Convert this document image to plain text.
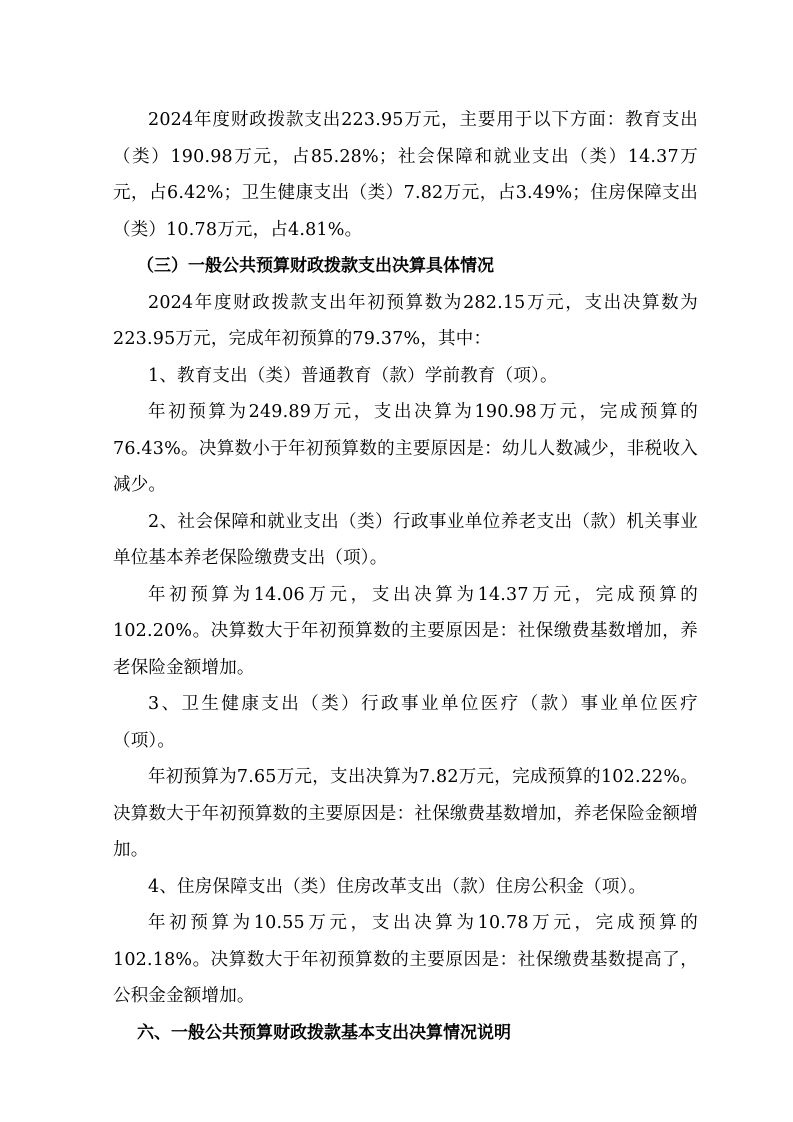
2024年度财政拨款支出223.95万元，主要用于以下方面：教育支出（类）190.98万元，占85.28%；社会保障和就业支出（类）14.37万元，占6.42%；卫生健康支出（类）7.82万元，占3.49%；住房保障支出（类）10.78万元，占4.81%。

（三）一般公共预算财政拨款支出决算具体情况

2024年度财政拨款支出年初预算数为282.15万元，支出决算数为223.95万元，完成年初预算的79.37%，其中：

1、教育支出（类）普通教育（款）学前教育（项）。

年初预算为249.89万元，支出决算为190.98万元，完成预算的76.43%。决算数小于年初预算数的主要原因是：幼儿人数减少，非税收入减少。

2、社会保障和就业支出（类）行政事业单位养老支出（款）机关事业单位基本养老保险缴费支出（项）。

年初预算为14.06万元，支出决算为14.37万元，完成预算的102.20%。决算数大于年初预算数的主要原因是：社保缴费基数增加，养老保险金额增加。

3、卫生健康支出（类）行政事业单位医疗（款）事业单位医疗（项）。

年初预算为7.65万元，支出决算为7.82万元，完成预算的102.22%。决算数大于年初预算数的主要原因是：社保缴费基数增加，养老保险金额增加。

4、住房保障支出（类）住房改革支出（款）住房公积金（项）。

年初预算为10.55万元，支出决算为10.78万元，完成预算的102.18%。决算数大于年初预算数的主要原因是：社保缴费基数提高了，公积金金额增加。

六、一般公共预算财政拨款基本支出决算情况说明
